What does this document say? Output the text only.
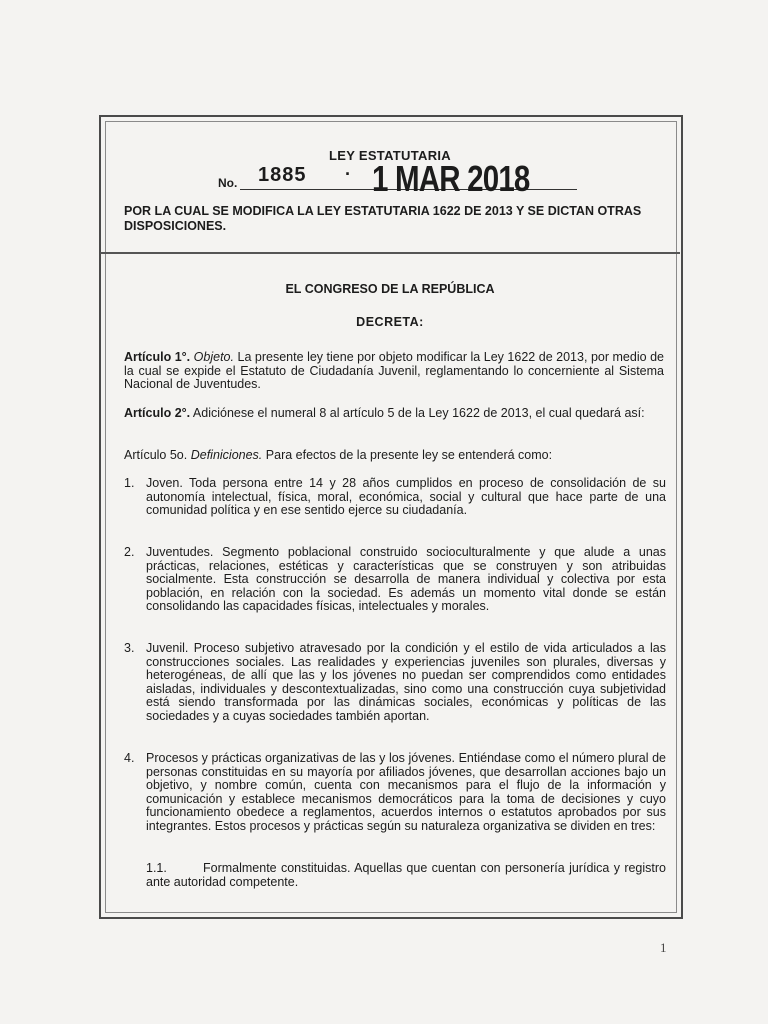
LEY ESTATUTARIA
No. 1885 · 1 MAR 2018
POR LA CUAL SE MODIFICA LA LEY ESTATUTARIA 1622 DE 2013 Y SE DICTAN OTRAS DISPOSICIONES.
EL CONGRESO DE LA REPÚBLICA
DECRETA:
Artículo 1°. Objeto. La presente ley tiene por objeto modificar la Ley 1622 de 2013, por medio de la cual se expide el Estatuto de Ciudadanía Juvenil, reglamentando lo concerniente al Sistema Nacional de Juventudes.
Artículo 2°. Adiciónese el numeral 8 al artículo 5 de la Ley 1622 de 2013, el cual quedará así:
Artículo 5o. Definiciones. Para efectos de la presente ley se entenderá como:
1. Joven. Toda persona entre 14 y 28 años cumplidos en proceso de consolidación de su autonomía intelectual, física, moral, económica, social y cultural que hace parte de una comunidad política y en ese sentido ejerce su ciudadanía.
2. Juventudes. Segmento poblacional construido socioculturalmente y que alude a unas prácticas, relaciones, estéticas y características que se construyen y son atribuidas socialmente. Esta construcción se desarrolla de manera individual y colectiva por esta población, en relación con la sociedad. Es además un momento vital donde se están consolidando las capacidades físicas, intelectuales y morales.
3. Juvenil. Proceso subjetivo atravesado por la condición y el estilo de vida articulados a las construcciones sociales. Las realidades y experiencias juveniles son plurales, diversas y heterogéneas, de allí que las y los jóvenes no puedan ser comprendidos como entidades aisladas, individuales y descontextualizadas, sino como una construcción cuya subjetividad está siendo transformada por las dinámicas sociales, económicas y políticas de las sociedades y a cuyas sociedades también aportan.
4. Procesos y prácticas organizativas de las y los jóvenes. Entiéndase como el número plural de personas constituidas en su mayoría por afiliados jóvenes, que desarrollan acciones bajo un objetivo, y nombre común, cuenta con mecanismos para el flujo de la información y comunicación y establece mecanismos democráticos para la toma de decisiones y cuyo funcionamiento obedece a reglamentos, acuerdos internos o estatutos aprobados por sus integrantes. Estos procesos y prácticas según su naturaleza organizativa se dividen en tres:
1.1.	Formalmente constituidas. Aquellas que cuentan con personería jurídica y registro ante autoridad competente.
1
